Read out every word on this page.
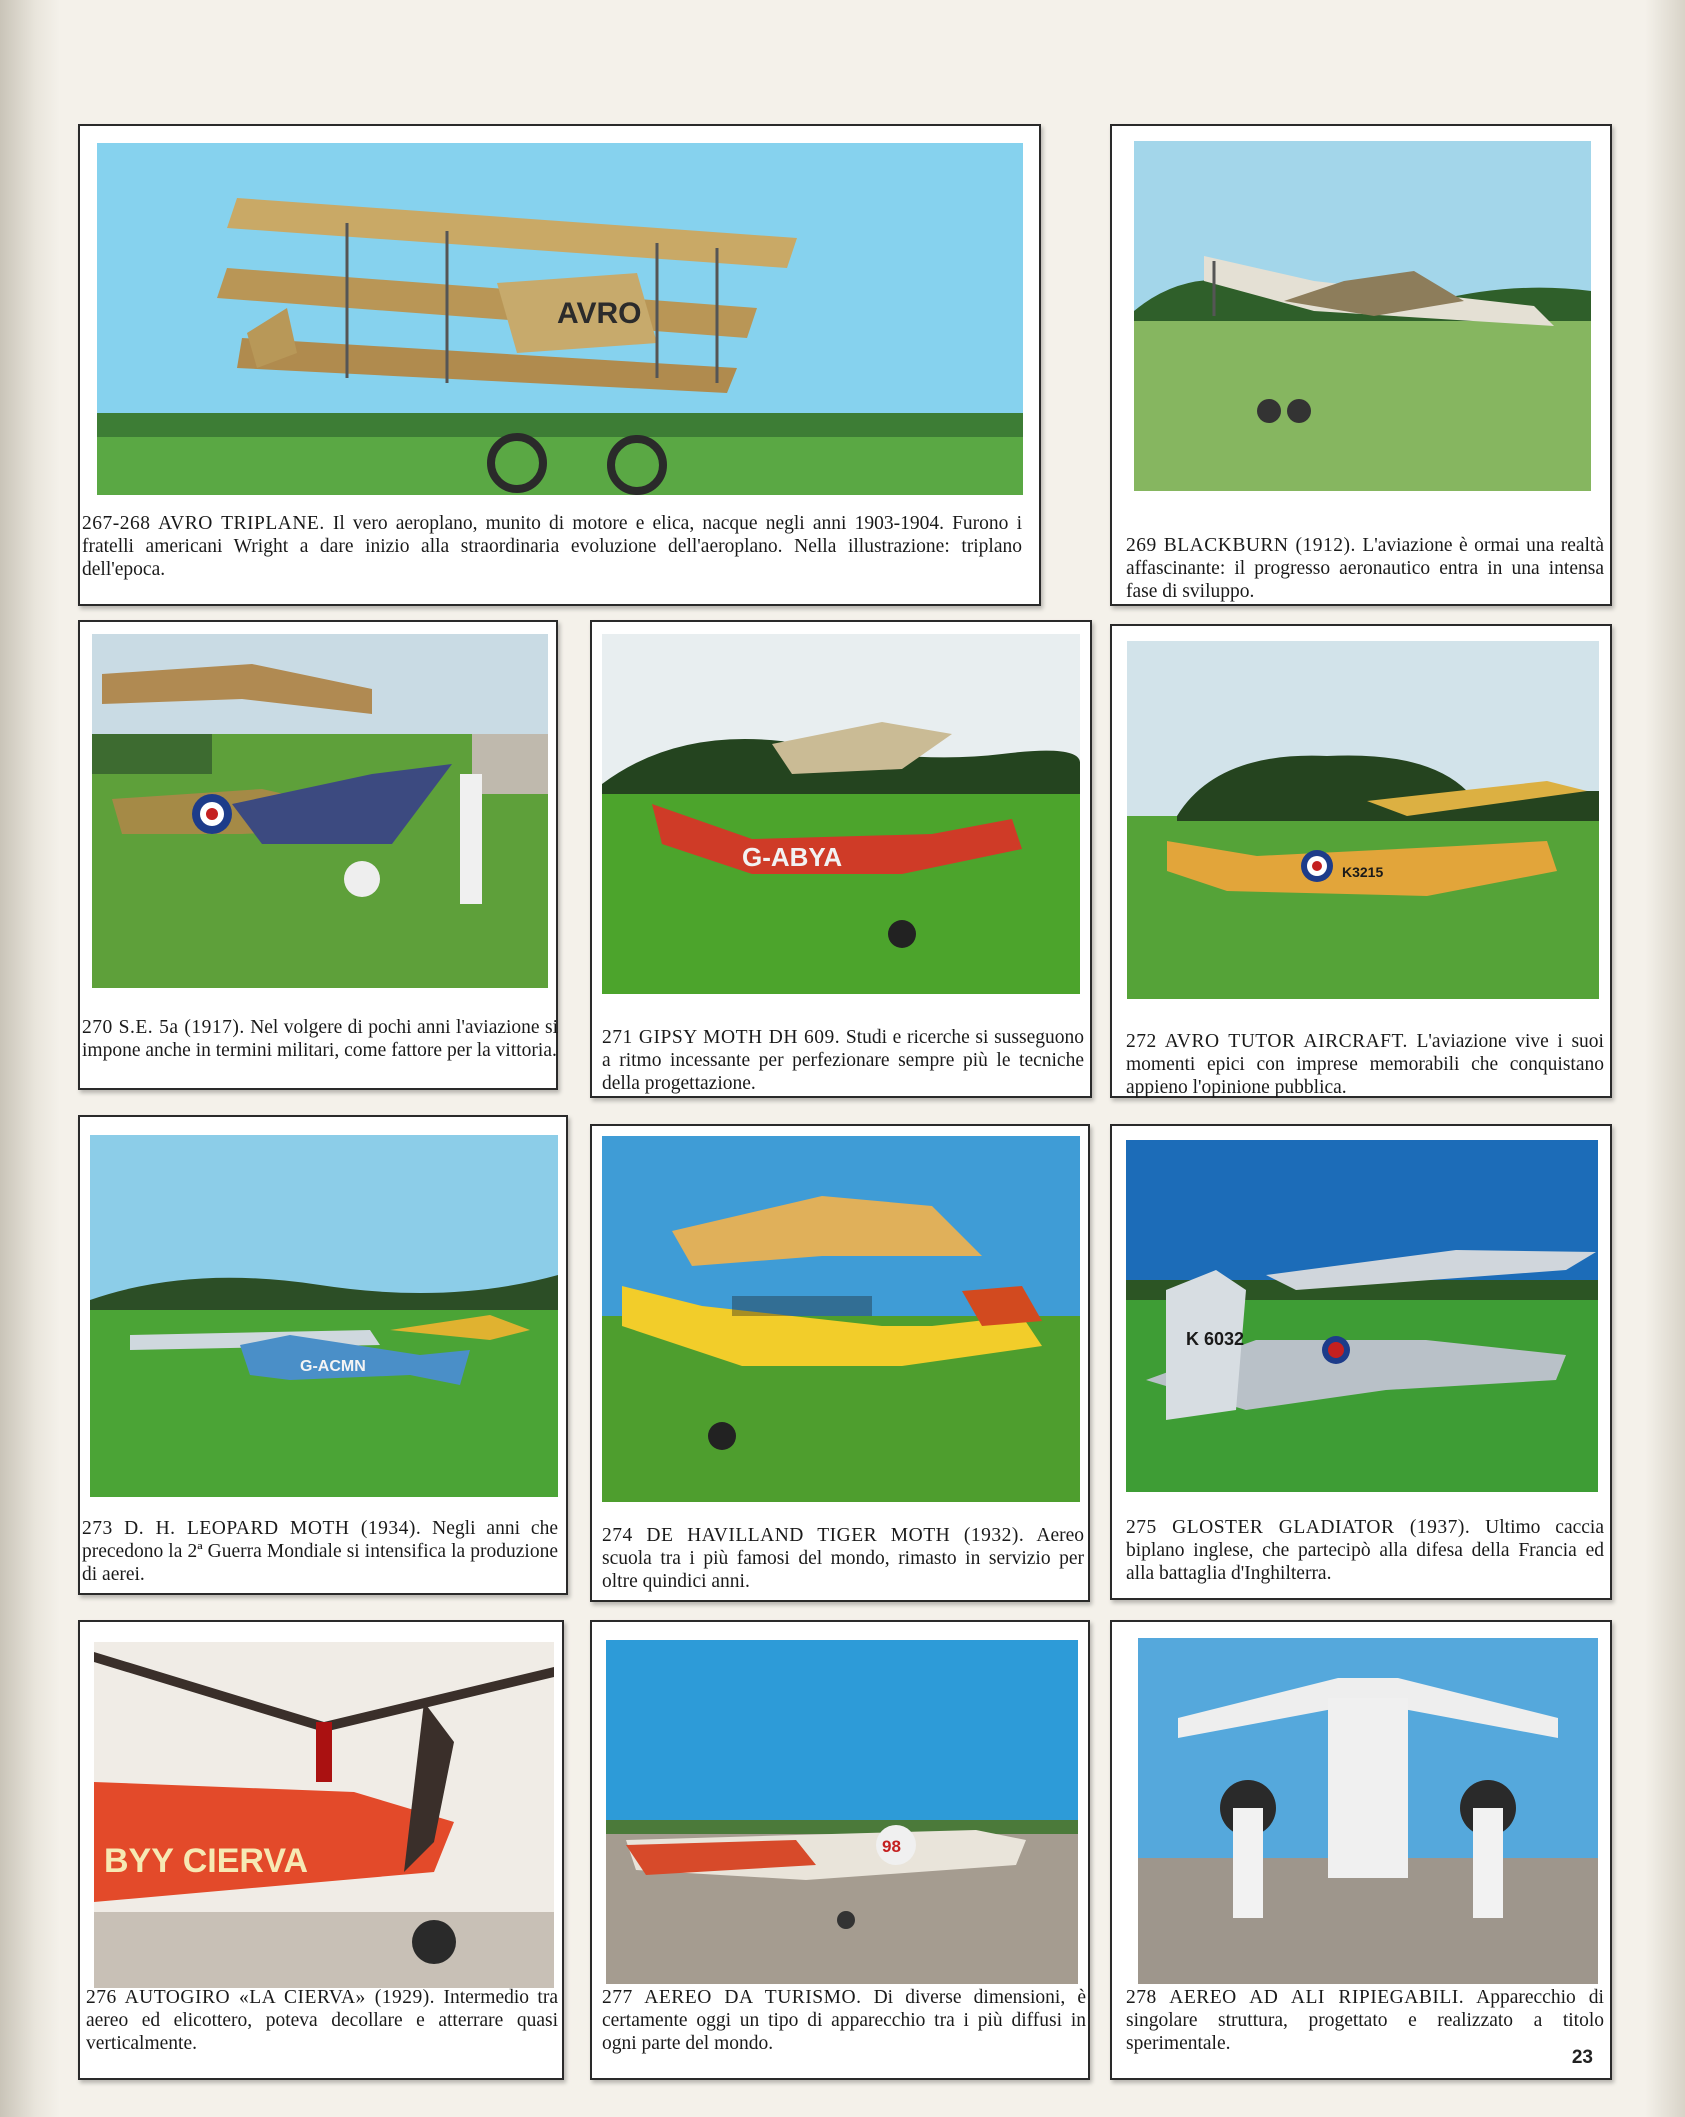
AVRO
267-268 AVRO TRIPLANE. Il vero aeroplano, munito di motore e elica, nacque negli anni 1903-1904. Furono i fratelli americani Wright a dare inizio alla straordinaria evoluzione dell'aeroplano. Nella illustrazione: triplano dell'epoca.
269 BLACKBURN (1912). L'aviazione è ormai una realtà affascinante: il progresso aeronautico entra in una intensa fase di sviluppo.
270 S.E. 5a (1917). Nel volgere di pochi anni l'aviazione si impone anche in termini militari, come fattore per la vittoria.
G-ABYA
271 GIPSY MOTH DH 609. Studi e ricerche si susseguono a ritmo incessante per perfezionare sempre più le tecniche della progettazione.
K3215
272 AVRO TUTOR AIRCRAFT. L'aviazione vive i suoi momenti epici con imprese memorabili che conquistano appieno l'opinione pubblica.
G-ACMN
273 D. H. LEOPARD MOTH (1934). Negli anni che precedono la 2ª Guerra Mondiale si intensifica la produzione di aerei.
274 DE HAVILLAND TIGER MOTH (1932). Aereo scuola tra i più famosi del mondo, rimasto in servizio per oltre quindici anni.
K 6032
275 GLOSTER GLADIATOR (1937). Ultimo caccia biplano inglese, che partecipò alla difesa della Francia ed alla battaglia d'Inghilterra.
BYY CIERVA
276 AUTOGIRO «LA CIERVA» (1929). Intermedio tra aereo ed elicottero, poteva decollare e atterrare quasi verticalmente.
98
277 AEREO DA TURISMO. Di diverse dimensioni, è certamente oggi un tipo di apparecchio tra i più diffusi in ogni parte del mondo.
278 AEREO AD ALI RIPIEGABILI. Apparecchio di singolare struttura, progettato e realizzato a titolo sperimentale.
23
